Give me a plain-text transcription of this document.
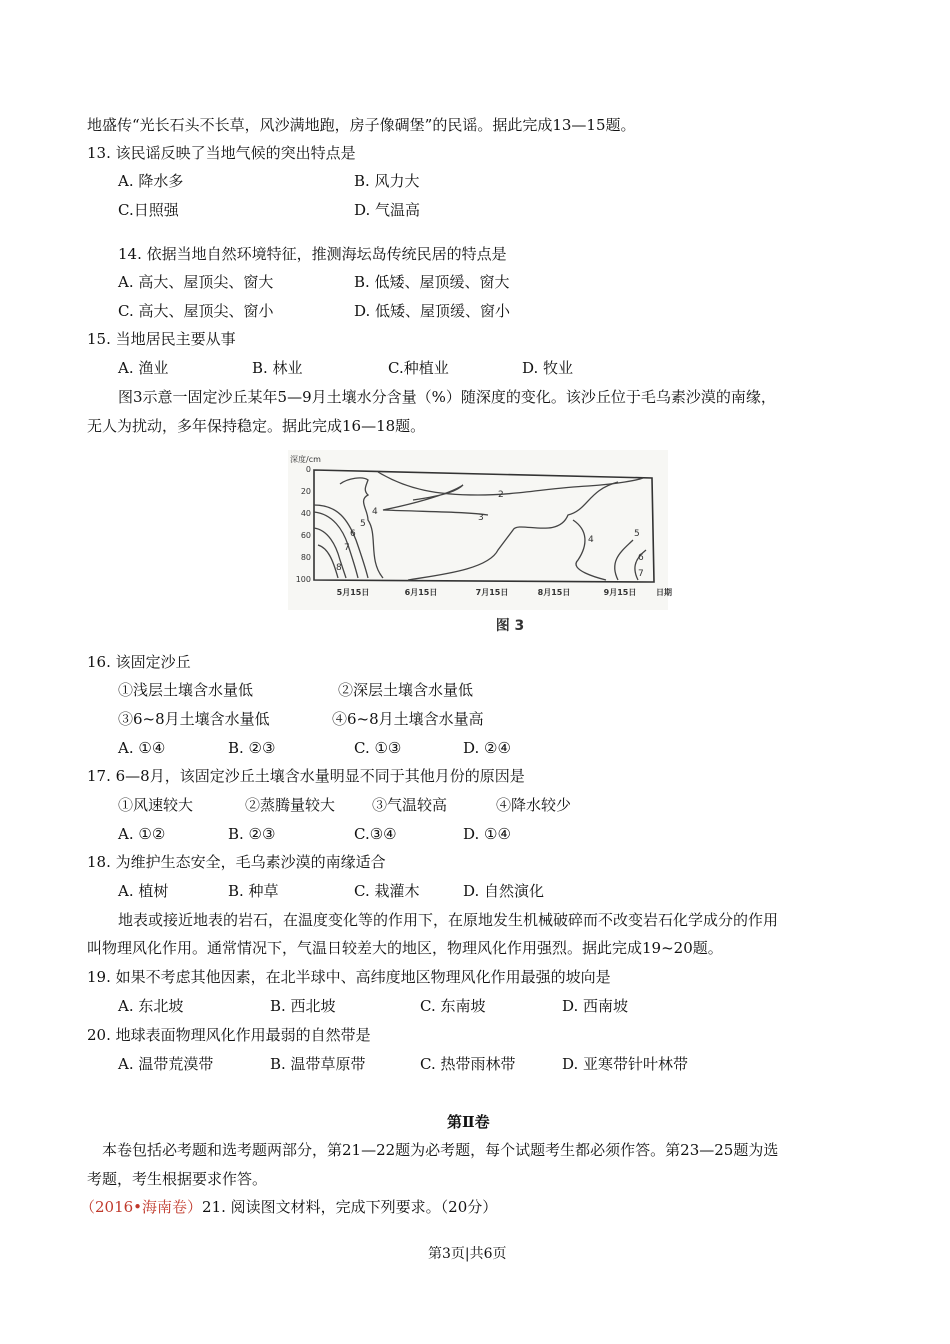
地盛传“光长石头不长草，风沙满地跑，房子像碉堡”的民谣。据此完成13—15题。
13. 该民谣反映了当地气候的突出特点是
A. 降水多	B. 风力大
C.日照强	D. 气温高
14. 依据当地自然环境特征，推测海坛岛传统民居的特点是
A. 高大、屋顶尖、窗大	B. 低矮、屋顶缓、窗大
C. 高大、屋顶尖、窗小	D. 低矮、屋顶缓、窗小
15. 当地居民主要从事
A. 渔业	B. 林业	C.种植业	D. 牧业
图3示意一固定沙丘某年5—9月土壤水分含量（%）随深度的变化。该沙丘位于毛乌素沙漠的南缘，
无人为扰动，多年保持稳定。据此完成16—18题。
2
3
4
4
5
6
7
8
5
6
7
深度/cm
0
20
40
60
80
100
5月15日	6月15日	7月15日	8月15日	9月15日 日期
图 3
16. 该固定沙丘
①浅层土壤含水量低	②深层土壤含水量低
③6~8月土壤含水量低	④6~8月土壤含水量高
A. ①④	B. ②③	C. ①③	D. ②④
17. 6—8月，该固定沙丘土壤含水量明显不同于其他月份的原因是
①风速较大	②蒸腾量较大 ③气温较高	④降水较少
A. ①②	B. ②③	C.③④	D. ①④
18. 为维护生态安全，毛乌素沙漠的南缘适合
A. 植树	B. 种草	C. 栽灌木	D. 自然演化
地表或接近地表的岩石，在温度变化等的作用下，在原地发生机械破碎而不改变岩石化学成分的作用
叫物理风化作用。通常情况下，气温日较差大的地区，物理风化作用强烈。据此完成19~20题。
19. 如果不考虑其他因素，在北半球中、高纬度地区物理风化作用最强的坡向是
A. 东北坡	B. 西北坡	C. 东南坡	D. 西南坡
20. 地球表面物理风化作用最弱的自然带是
A. 温带荒漠带	B. 温带草原带	C. 热带雨林带	D. 亚寒带针叶林带
第Ⅱ卷
本卷包括必考题和选考题两部分，第21—22题为必考题，每个试题考生都必须作答。第23—25题为选
考题，考生根据要求作答。
（2016•海南卷）21. 阅读图文材料，完成下列要求。（20分）
第3页|共6页
